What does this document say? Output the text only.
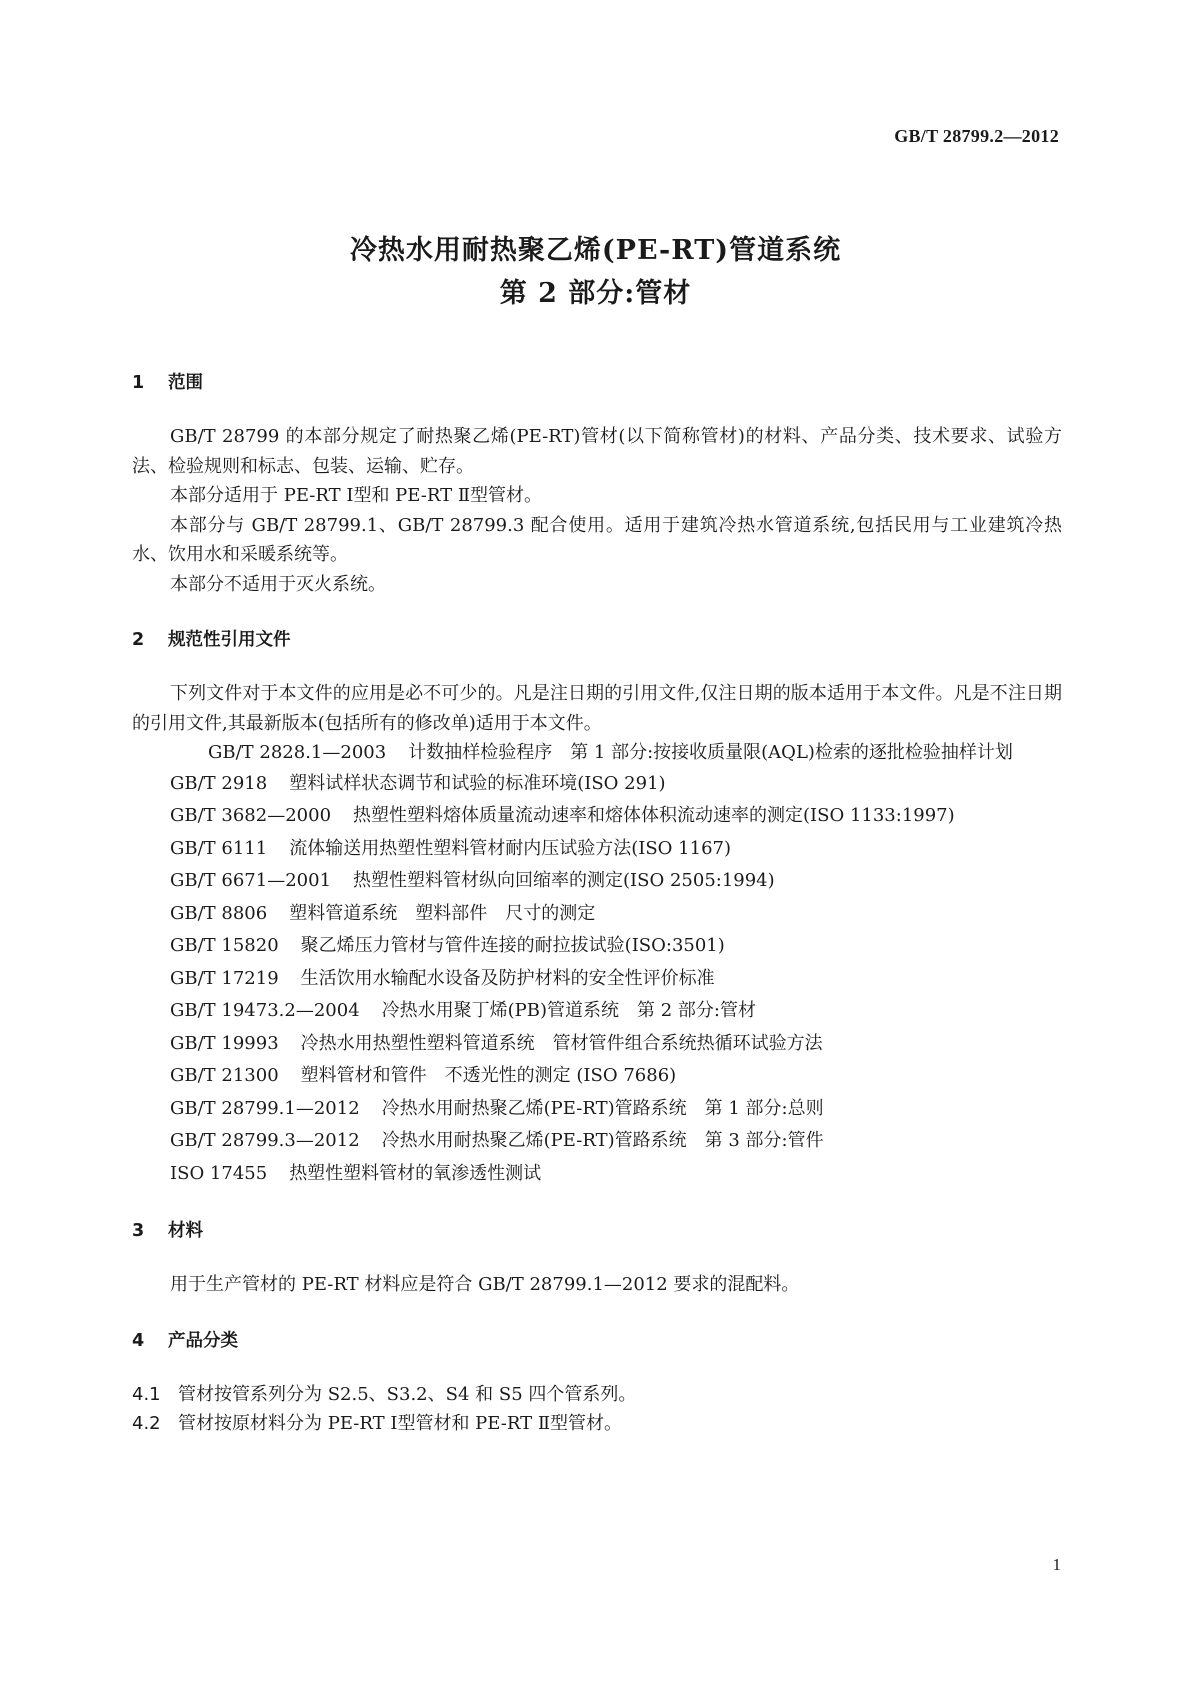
GB/T 28799.2—2012
冷热水用耐热聚乙烯(PE-RT)管道系统
第 2 部分:管材
1 范围

GB/T 28799 的本部分规定了耐热聚乙烯(PE-RT)管材(以下简称管材)的材料、产品分类、技术要求、试验方法、检验规则和标志、包装、运输、贮存。

本部分适用于 PE-RT Ⅰ型和 PE-RT Ⅱ型管材。

本部分与 GB/T 28799.1、GB/T 28799.3 配合使用。适用于建筑冷热水管道系统,包括民用与工业建筑冷热水、饮用水和采暖系统等。

本部分不适用于灭火系统。

2 规范性引用文件

下列文件对于本文件的应用是必不可少的。凡是注日期的引用文件,仅注日期的版本适用于本文件。凡是不注日期的引用文件,其最新版本(包括所有的修改单)适用于本文件。

GB/T 2828.1—2003 计数抽样检验程序　第 1 部分:按接收质量限(AQL)检索的逐批检验抽样计划

GB/T 2918 塑料试样状态调节和试验的标准环境(ISO 291)

GB/T 3682—2000 热塑性塑料熔体质量流动速率和熔体体积流动速率的测定(ISO 1133:1997)

GB/T 6111 流体输送用热塑性塑料管材耐内压试验方法(ISO 1167)

GB/T 6671—2001 热塑性塑料管材纵向回缩率的测定(ISO 2505:1994)

GB/T 8806 塑料管道系统　塑料部件　尺寸的测定

GB/T 15820 聚乙烯压力管材与管件连接的耐拉拔试验(ISO:3501)

GB/T 17219 生活饮用水输配水设备及防护材料的安全性评价标准

GB/T 19473.2—2004 冷热水用聚丁烯(PB)管道系统　第 2 部分:管材

GB/T 19993 冷热水用热塑性塑料管道系统　管材管件组合系统热循环试验方法

GB/T 21300 塑料管材和管件　不透光性的测定 (ISO 7686)

GB/T 28799.1—2012 冷热水用耐热聚乙烯(PE-RT)管路系统　第 1 部分:总则

GB/T 28799.3—2012 冷热水用耐热聚乙烯(PE-RT)管路系统　第 3 部分:管件

ISO 17455 热塑性塑料管材的氧渗透性测试

3 材料

用于生产管材的 PE-RT 材料应是符合 GB/T 28799.1—2012 要求的混配料。

4 产品分类

4.1 管材按管系列分为 S2.5、S3.2、S4 和 S5 四个管系列。

4.2 管材按原材料分为 PE-RT Ⅰ型管材和 PE-RT Ⅱ型管材。

1
